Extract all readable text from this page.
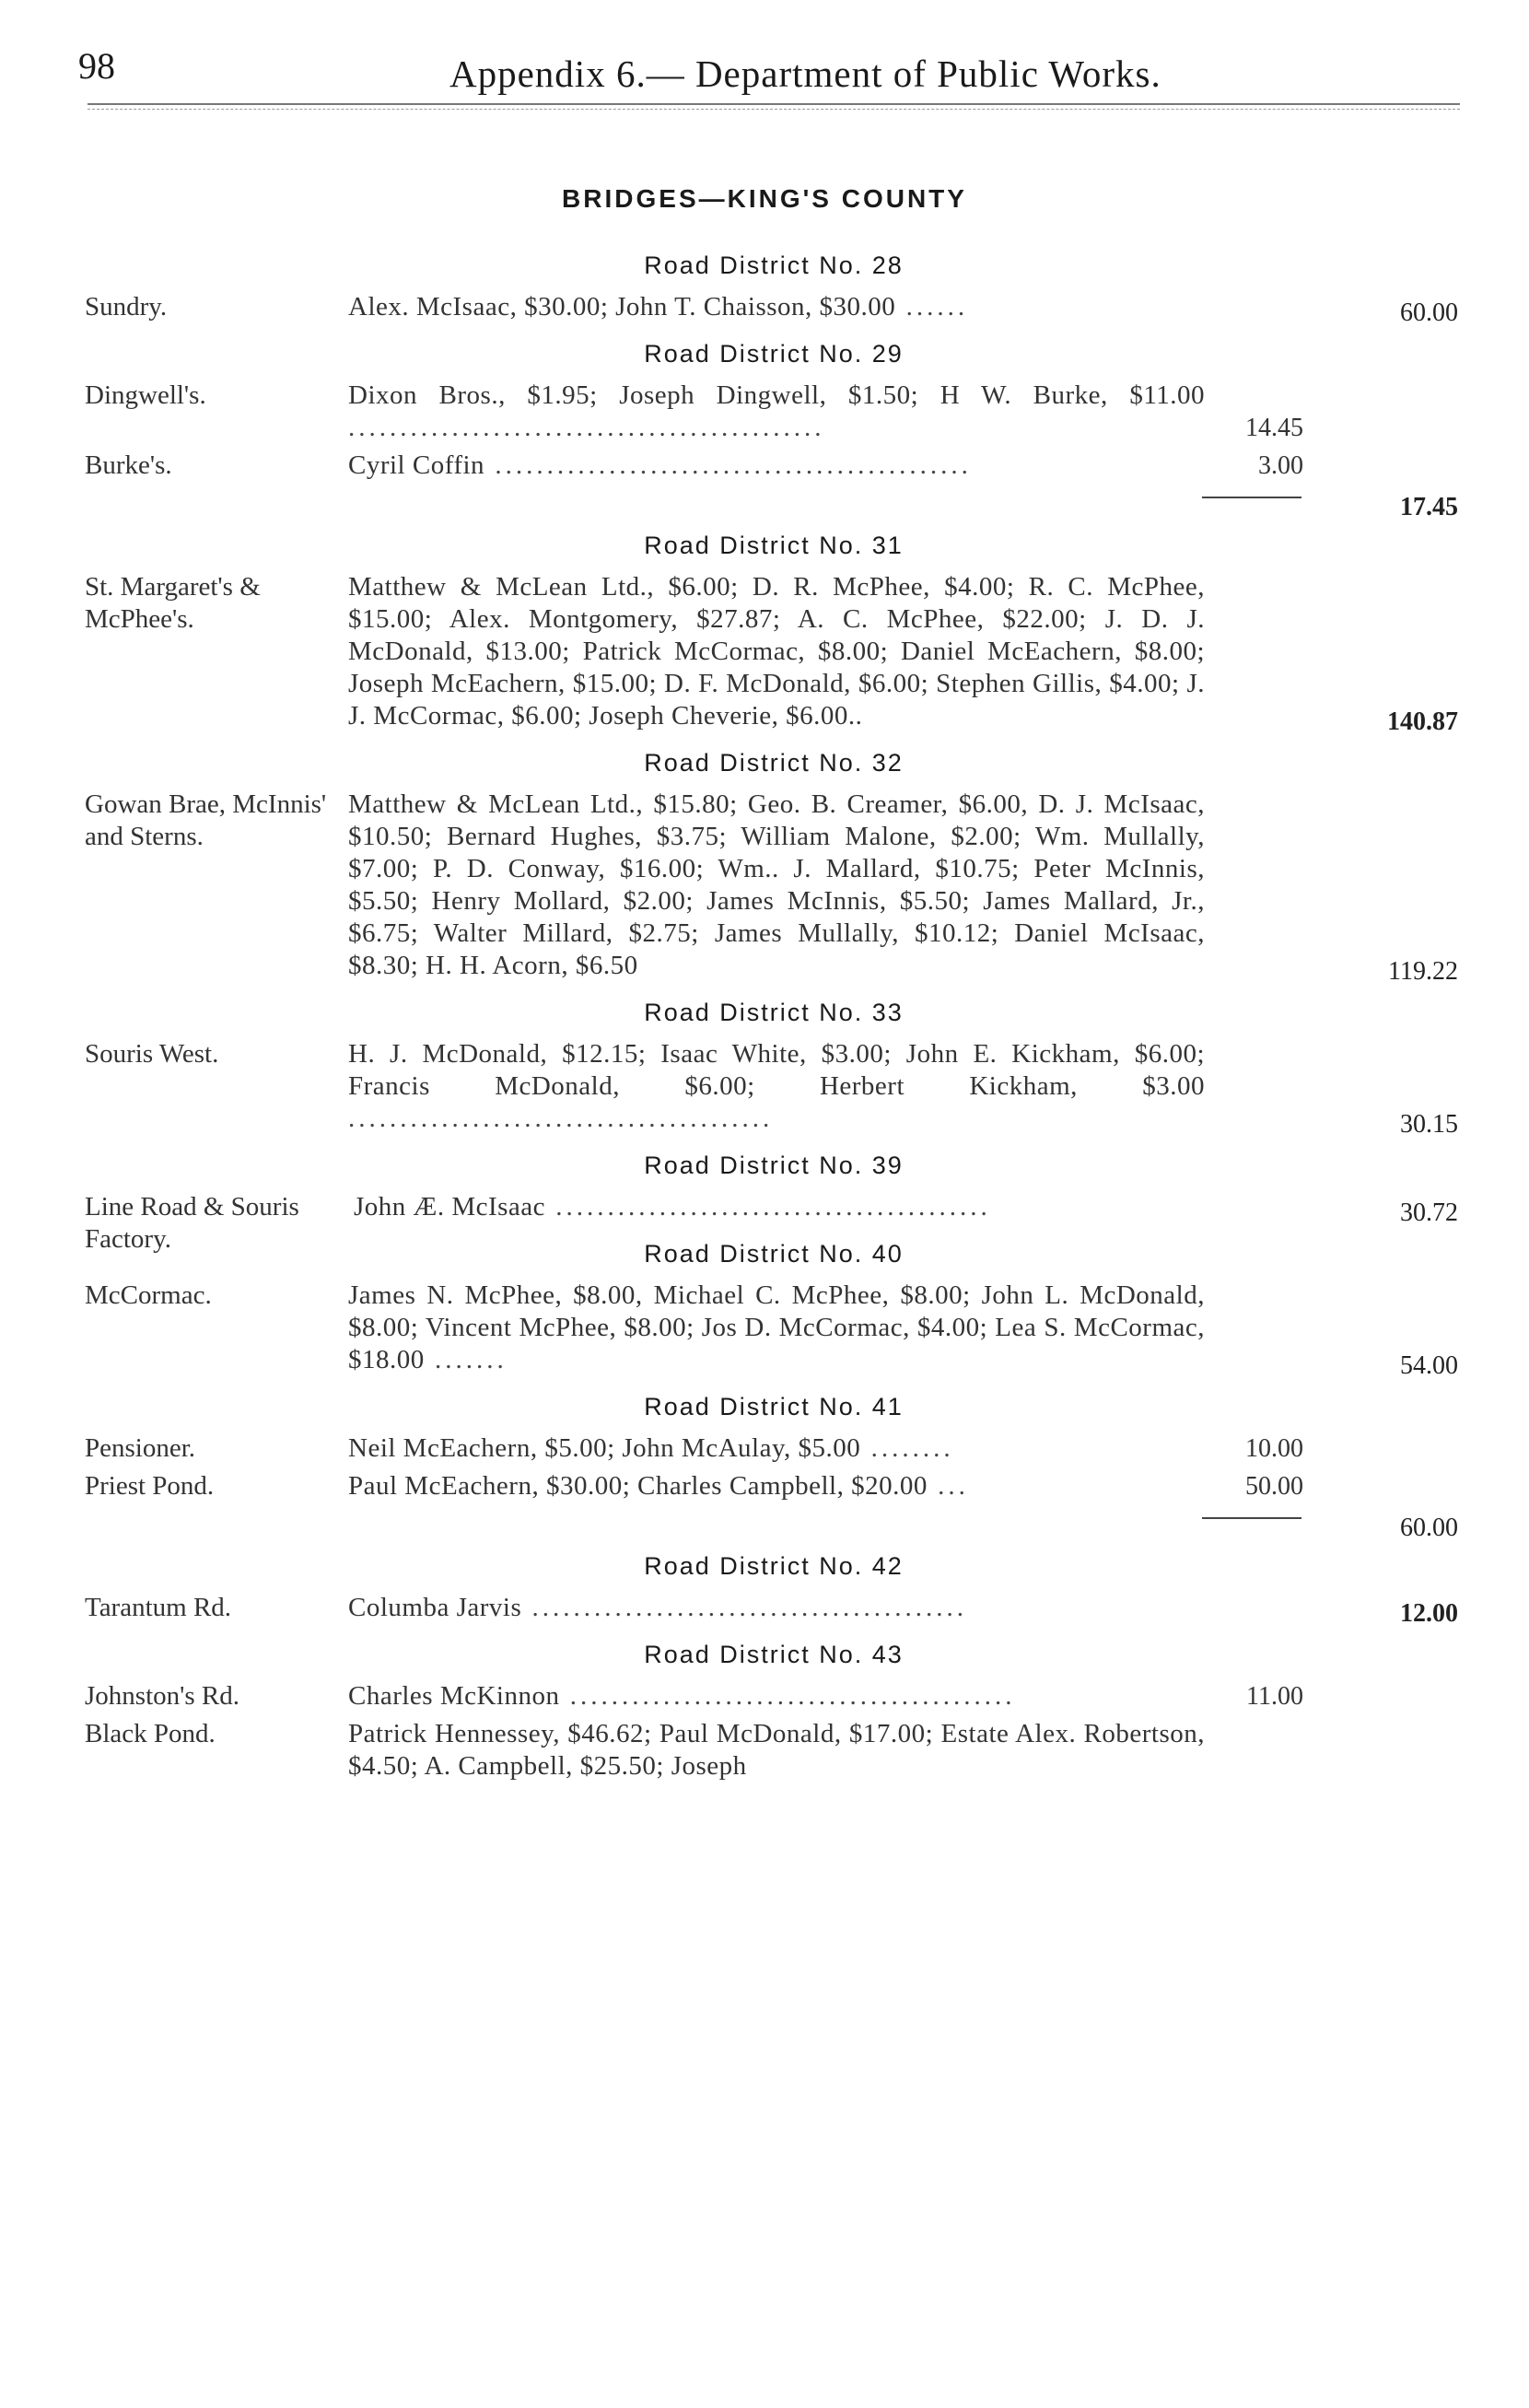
98	Appendix 6.— Department of Public Works.
BRIDGES—KING'S COUNTY
Road District No. 28
Sundry.	Alex. McIsaac, $30.00; John T. Chaisson, $30.00 ......	60.00
Road District No. 29
Dingwell's.	Dixon Bros., $1.95; Joseph Dingwell, $1.50; H W. Burke, $11.00 ..............................................	14.45
Burke's.	Cyril Coffin ..............................................	3.00
17.45
Road District No. 31
St. Margaret's & McPhee's.
Matthew & McLean Ltd., $6.00; D. R. McPhee, $4.00; R. C. McPhee, $15.00; Alex. Montgomery, $27.87; A. C. McPhee, $22.00; J. D. J. McDonald, $13.00; Patrick McCormac, $8.00; Daniel McEachern, $8.00; Joseph McEachern, $15.00; D. F. McDonald, $6.00; Stephen Gillis, $4.00; J. J. McCormac, $6.00; Joseph Cheverie, $6.00..	140.87
Road District No. 32
Gowan Brae, McInnis' and Sterns.
Matthew & McLean Ltd., $15.80; Geo. B. Creamer, $6.00, D. J. McIsaac, $10.50; Bernard Hughes, $3.75; William Malone, $2.00; Wm. Mullally, $7.00; P. D. Conway, $16.00; Wm.. J. Mallard, $10.75; Peter McInnis, $5.50; Henry Mollard, $2.00; James McInnis, $5.50; James Mallard, Jr., $6.75; Walter Millard, $2.75; James Mullally, $10.12; Daniel McIsaac, $8.30; H. H. Acorn, $6.50	119.22
Road District No. 33
Souris West.	H. J. McDonald, $12.15; Isaac White, $3.00; John E. Kickham, $6.00; Francis McDonald, $6.00; Herbert Kickham, $3.00 .........................................	30.15
Road District No. 39
Line Road & Souris Factory.
John Æ. McIsaac ..........................................	30.72
Road District No. 40
McCormac.	James N. McPhee, $8.00, Michael C. McPhee, $8.00; John L. McDonald, $8.00; Vincent McPhee, $8.00; Jos D. McCormac, $4.00; Lea S. McCormac, $18.00 .......	54.00
Road District No. 41
Pensioner.	Neil McEachern, $5.00; John McAulay, $5.00 ........	10.00
Priest Pond.	Paul McEachern, $30.00; Charles Campbell, $20.00 ...	50.00
60.00
Road District No. 42
Tarantum Rd.	Columba Jarvis ..........................................	12.00
Road District No. 43
Johnston's Rd.	Charles McKinnon ...........................................	11.00
Black Pond.	Patrick Hennessey, $46.62; Paul McDonald, $17.00; Estate Alex. Robertson, $4.50; A. Campbell, $25.50; Joseph
